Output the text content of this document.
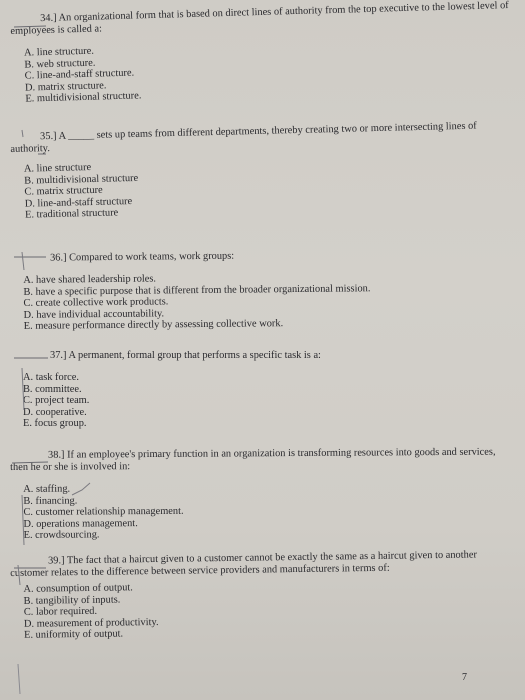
34.] An organizational form that is based on direct lines of authority from the top executive to the lowest level of employees is called a:
A. line structure.
B. web structure.
C. line-and-staff structure.
D. matrix structure.
E. multidivisional structure.
35.] A _____ sets up teams from different departments, thereby creating two or more intersecting lines of authority.
A. line structure
B. multidivisional structure
C. matrix structure
D. line-and-staff structure
E. traditional structure
36.] Compared to work teams, work groups:
A. have shared leadership roles.
B. have a specific purpose that is different from the broader organizational mission.
C. create collective work products.
D. have individual accountability.
E. measure performance directly by assessing collective work.
37.] A permanent, formal group that performs a specific task is a:
A. task force.
B. committee.
C. project team.
D. cooperative.
E. focus group.
38.] If an employee's primary function in an organization is transforming resources into goods and services, then he or she is involved in:
A. staffing.
B. financing.
C. customer relationship management.
D. operations management.
E. crowdsourcing.
39.] The fact that a haircut given to a customer cannot be exactly the same as a haircut given to another customer relates to the difference between service providers and manufacturers in terms of:
A. consumption of output.
B. tangibility of inputs.
C. labor required.
D. measurement of productivity.
E. uniformity of output.
7
